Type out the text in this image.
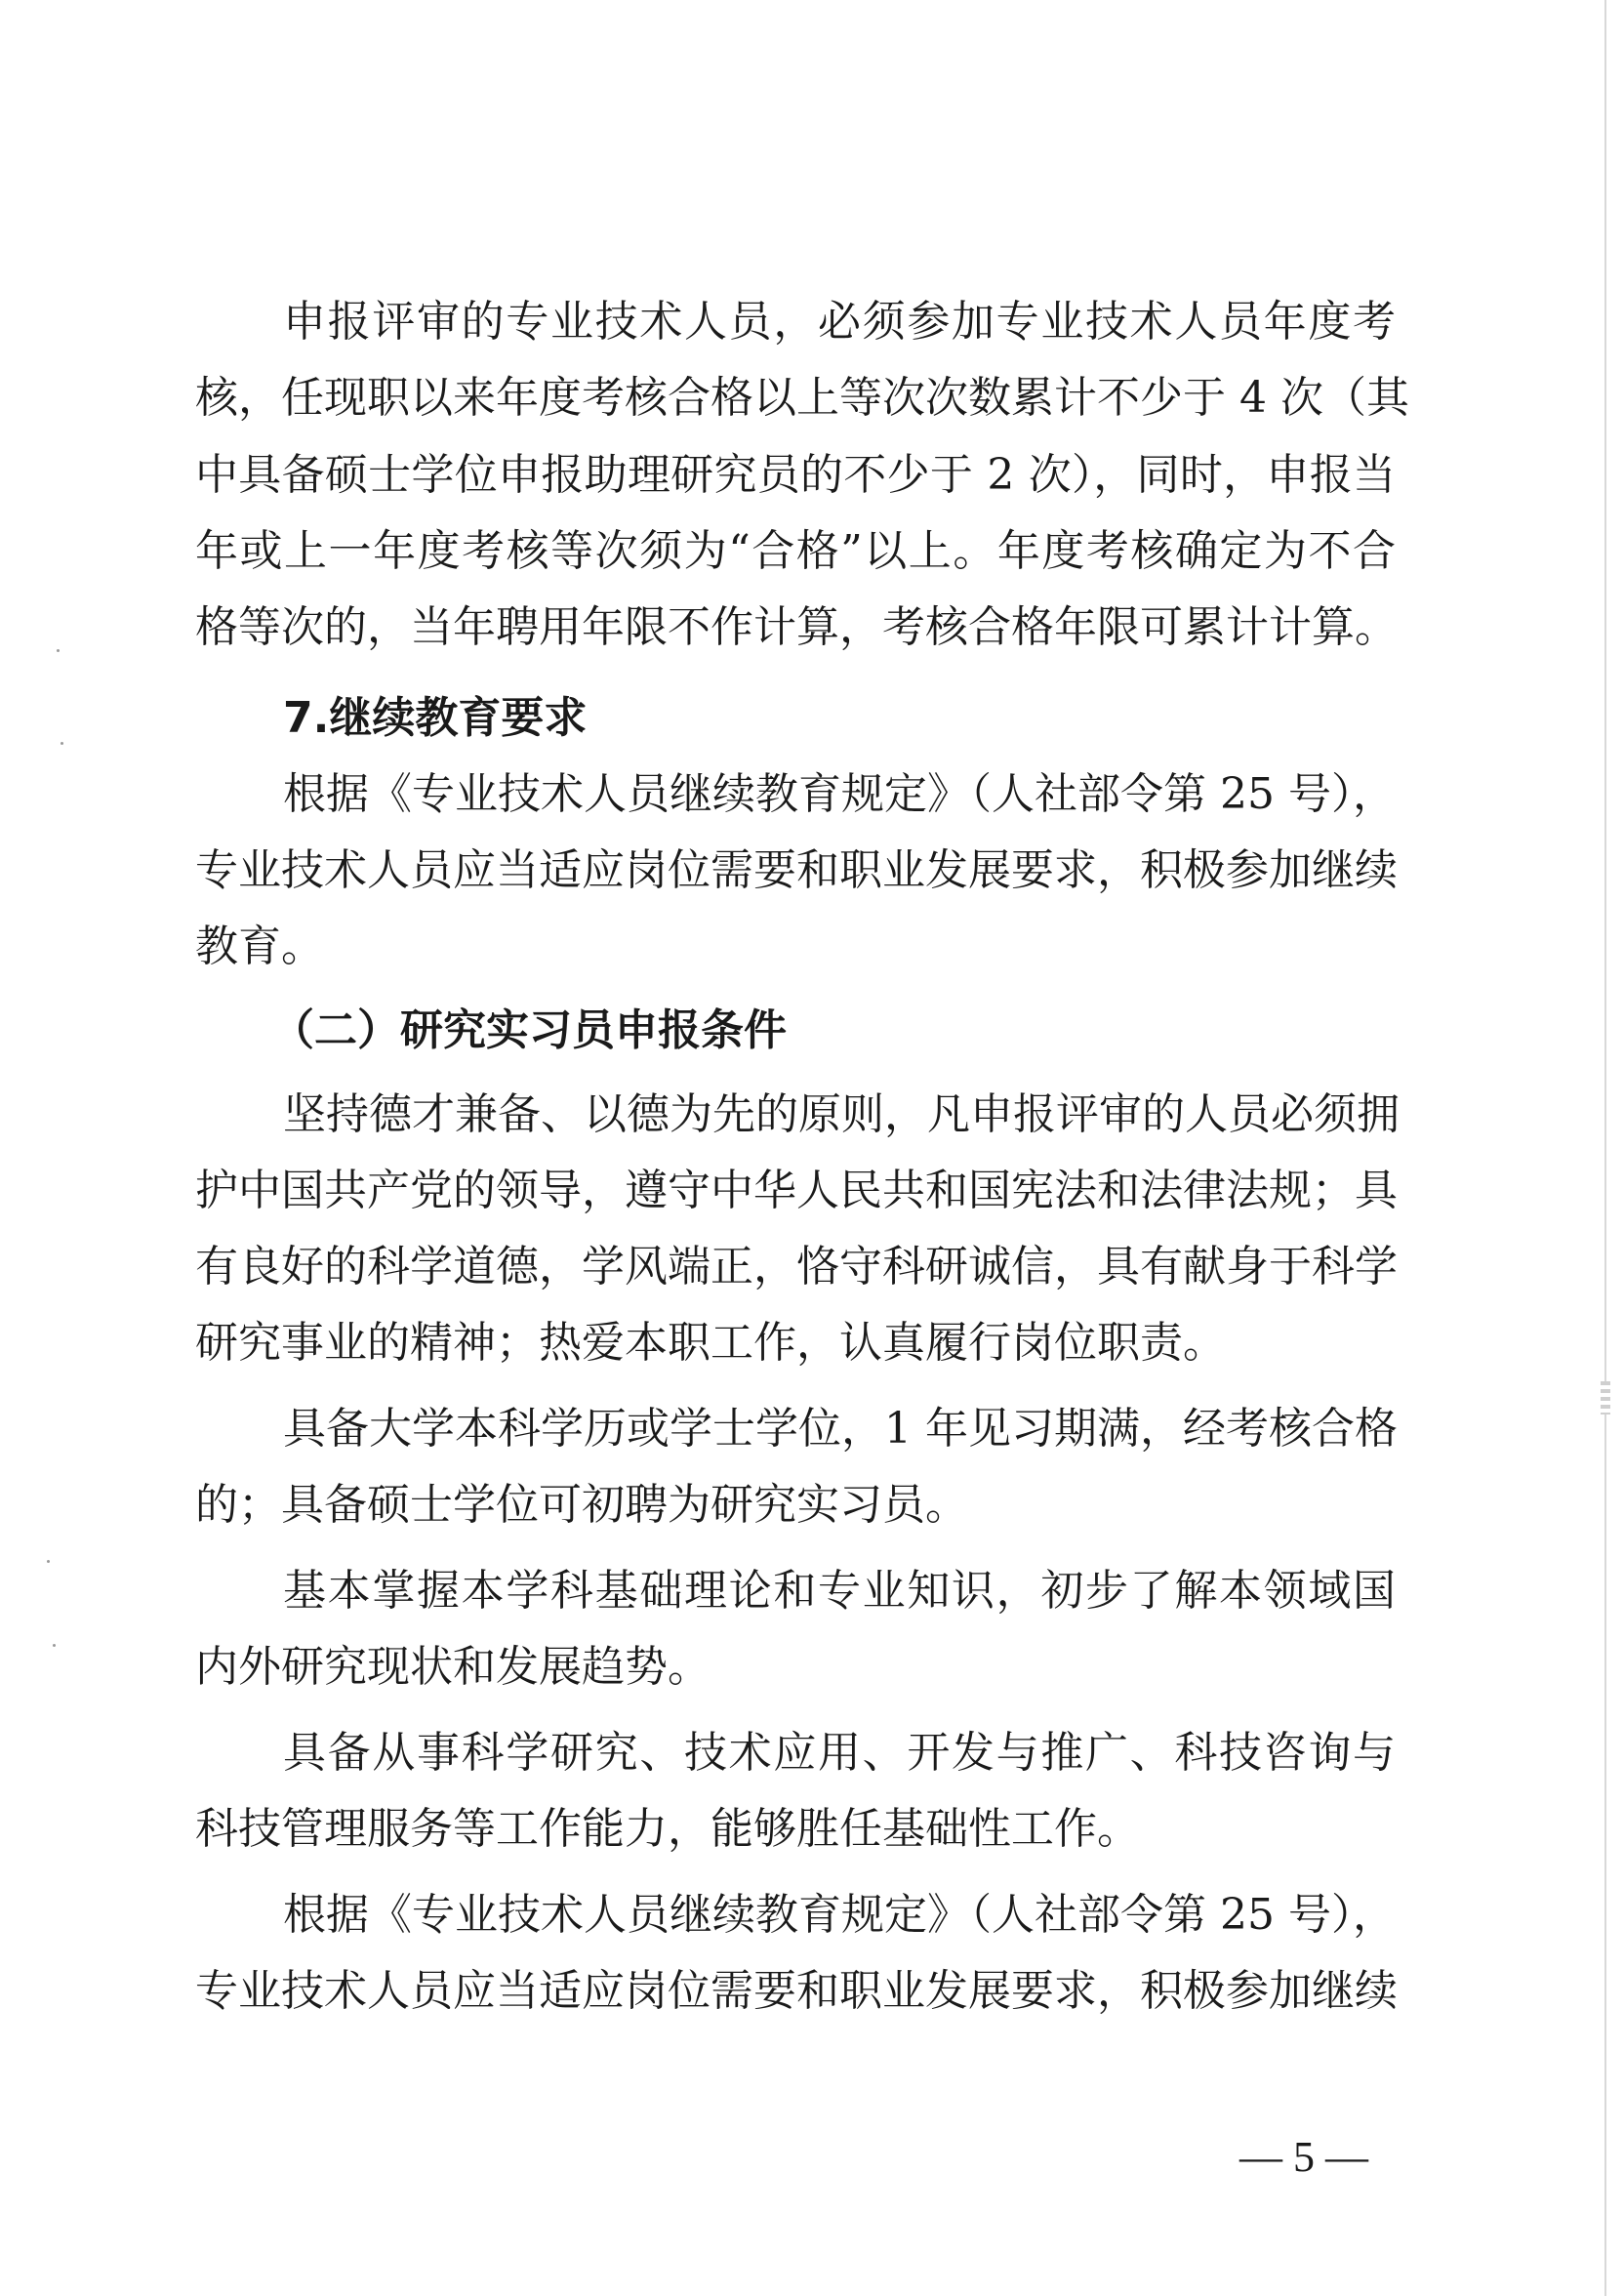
申报评审的专业技术人员，必须参加专业技术人员年度考
核，任现职以来年度考核合格以上等次次数累计不少于 4 次（其
中具备硕士学位申报助理研究员的不少于 2 次），同时，申报当
年或上一年度考核等次须为“合格”以上。年度考核确定为不合
格等次的，当年聘用年限不作计算，考核合格年限可累计计算。
7.继续教育要求
根据《专业技术人员继续教育规定》（人社部令第 25 号），
专业技术人员应当适应岗位需要和职业发展要求，积极参加继续
教育。
（二）研究实习员申报条件
坚持德才兼备、以德为先的原则，凡申报评审的人员必须拥
护中国共产党的领导，遵守中华人民共和国宪法和法律法规；具
有良好的科学道德，学风端正，恪守科研诚信，具有献身于科学
研究事业的精神；热爱本职工作，认真履行岗位职责。
具备大学本科学历或学士学位，1 年见习期满，经考核合格
的；具备硕士学位可初聘为研究实习员。
基本掌握本学科基础理论和专业知识，初步了解本领域国
内外研究现状和发展趋势。
具备从事科学研究、技术应用、开发与推广、科技咨询与
科技管理服务等工作能力，能够胜任基础性工作。
根据《专业技术人员继续教育规定》（人社部令第 25 号），
专业技术人员应当适应岗位需要和职业发展要求，积极参加继续
— 5 —
